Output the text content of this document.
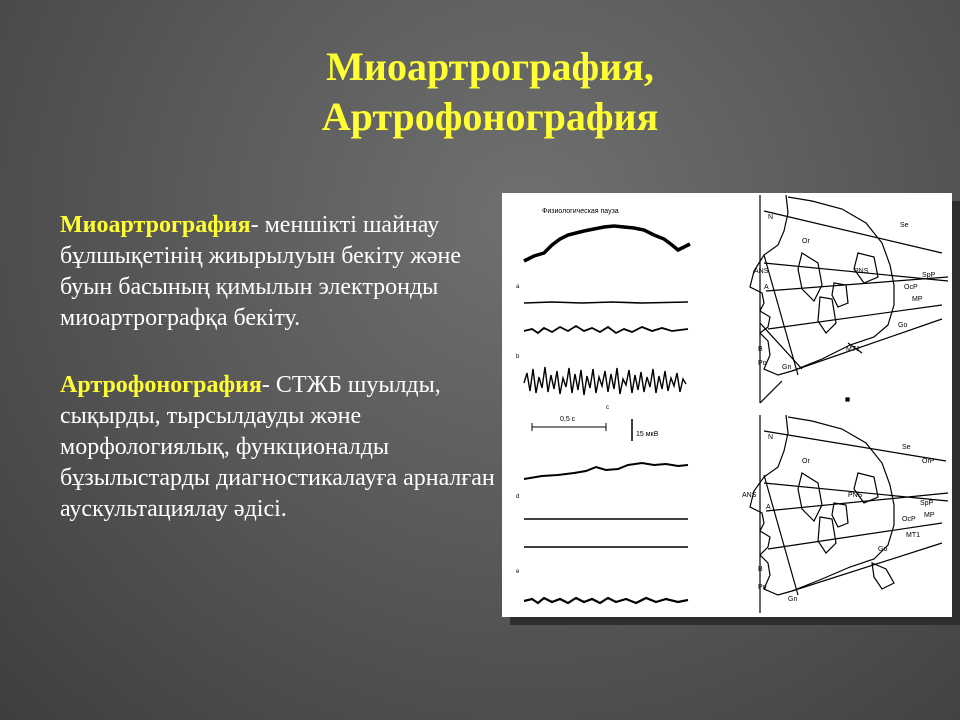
Миоартрография,
Артрофонография

Миоартрография- меншікті шайнау бұлшықетінің жиырылуын бекіту және буын басының қимылын электронды миоартрографқа бекіту.

Артрофонография- СТЖБ шуылды, сықырды, тырсылдауды және морфологиялық, функционалды бұзылыстарды диагностикалауға арналған аускультациялау әдісі.

Физиологическая пауза
a
b
c
0,5 с
15 мкВ
d
e
Se
N
Or
ANS	PNS
A
SpP
OcP
MP
Go
B
Po
Gn
MT1
Se
N
Or	OrP
ANS	PNS
SpP
OcP
MP
A
MT1
B
Go
Po
Gn
